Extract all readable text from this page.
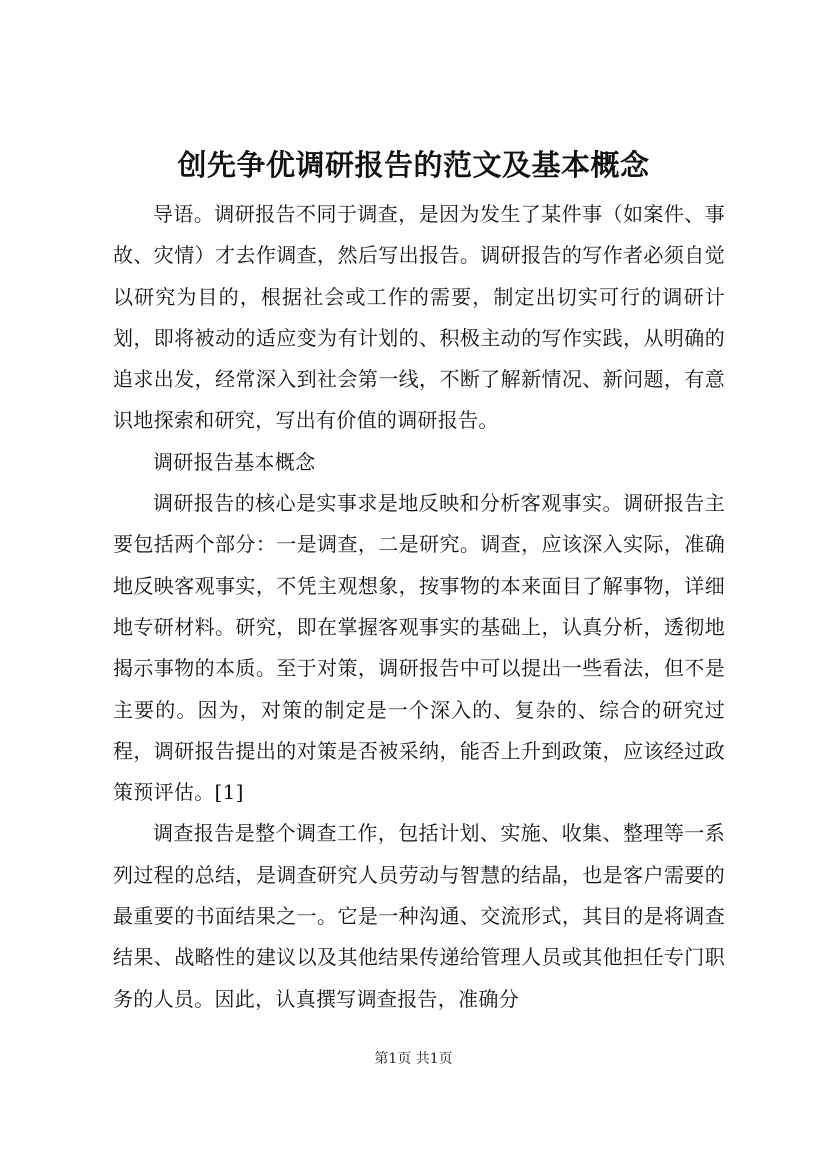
创先争优调研报告的范文及基本概念

导语。调研报告不同于调查，是因为发生了某件事（如案件、事故、灾情）才去作调查，然后写出报告。调研报告的写作者必须自觉以研究为目的，根据社会或工作的需要，制定出切实可行的调研计划，即将被动的适应变为有计划的、积极主动的写作实践，从明确的追求出发，经常深入到社会第一线，不断了解新情况、新问题，有意识地探索和研究，写出有价值的调研报告。

调研报告基本概念

调研报告的核心是实事求是地反映和分析客观事实。调研报告主要包括两个部分：一是调查，二是研究。调查，应该深入实际，准确地反映客观事实，不凭主观想象，按事物的本来面目了解事物，详细地专研材料。研究，即在掌握客观事实的基础上，认真分析，透彻地揭示事物的本质。至于对策，调研报告中可以提出一些看法，但不是主要的。因为，对策的制定是一个深入的、复杂的、综合的研究过程，调研报告提出的对策是否被采纳，能否上升到政策，应该经过政策预评估。[1]

调查报告是整个调查工作，包括计划、实施、收集、整理等一系列过程的总结，是调查研究人员劳动与智慧的结晶，也是客户需要的最重要的书面结果之一。它是一种沟通、交流形式，其目的是将调查结果、战略性的建议以及其他结果传递给管理人员或其他担任专门职务的人员。因此，认真撰写调查报告，准确分

第1页 共1页
